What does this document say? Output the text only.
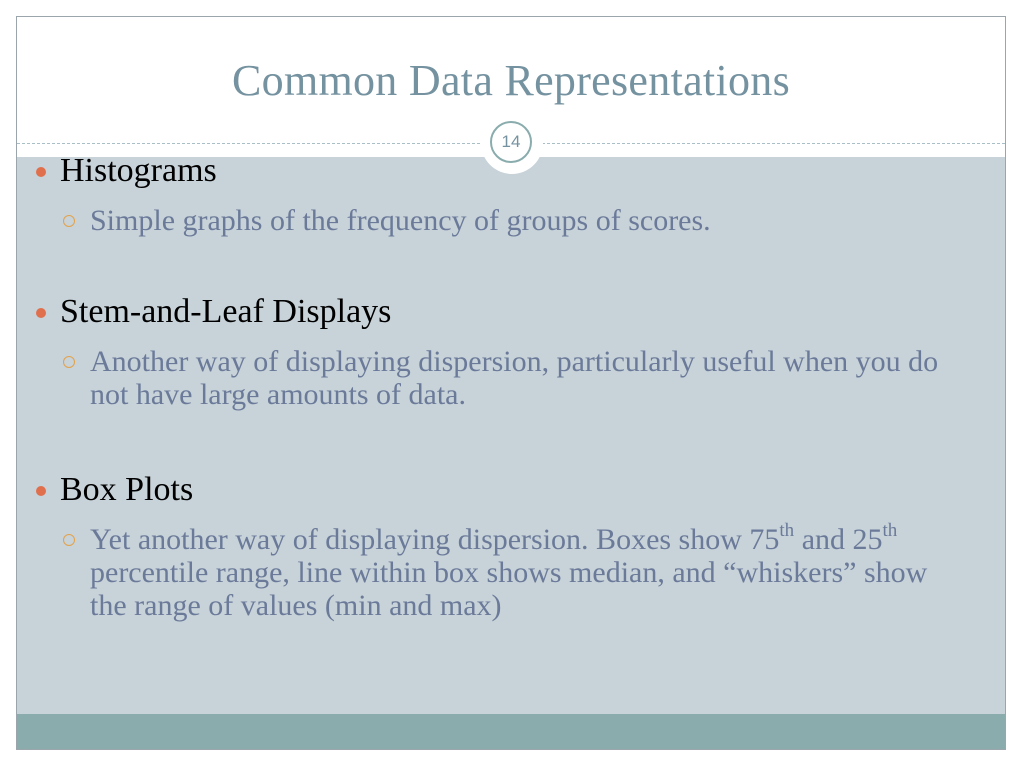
Common Data Representations
14
Histograms
Simple graphs of the frequency of groups of scores.
Stem-and-Leaf Displays
Another way of displaying dispersion, particularly useful when you do not have large amounts of data.
Box Plots
Yet another way of displaying dispersion. Boxes show 75th and 25th percentile range, line within box shows median, and “whiskers” show the range of values (min and max)
